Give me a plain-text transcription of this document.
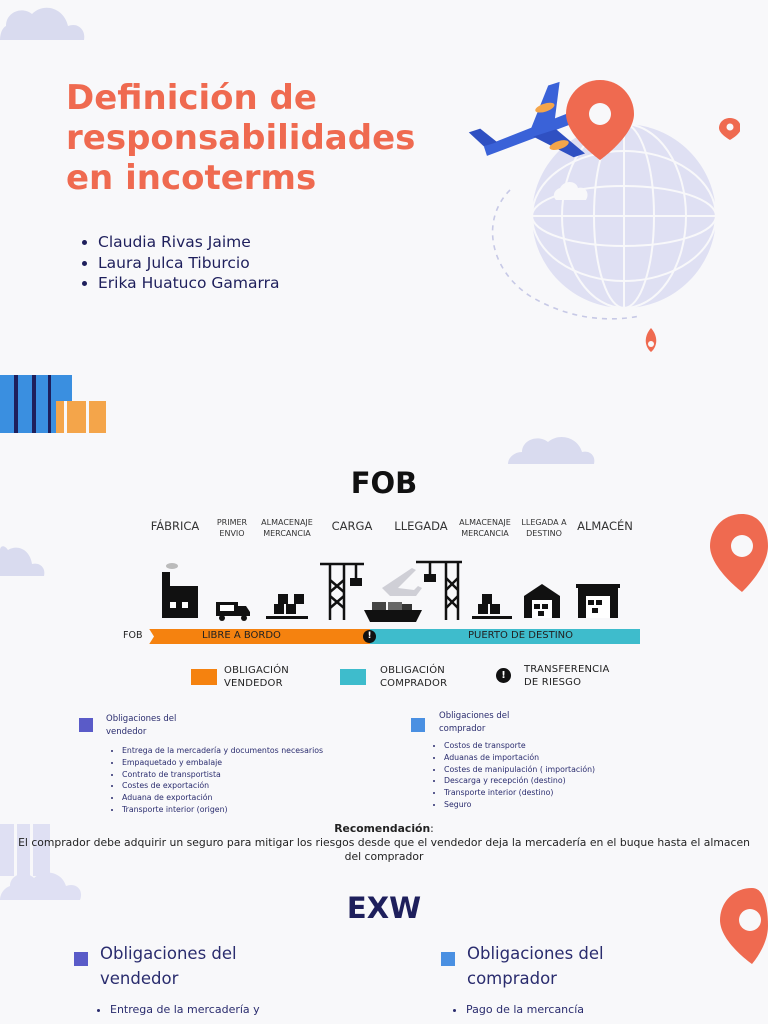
Definición de
responsabilidades
en incoterms
• Claudia Rivas Jaime
• Laura Julca Tiburcio
• Erika Huatuco Gamarra
FOB
FÁBRICA	PRIMER ENVIO
ALMACENAJE MERCANCIA
CARGA	LLEGADA	ALMACENAJE MERCANCIA
LLEGADA A DESTINO
ALMACÉN
FOB	LIBRE A BORDO	PUERTO DE DESTINO
!
OBLIGACIÓN VENDEDOR
OBLIGACIÓN COMPRADOR
!
TRANSFERENCIA DE RIESGO
Obligaciones del vendedor
• Entrega de la mercadería y documentos necesarios
• Empaquetado y embalaje
• Contrato de transportista
• Costes de exportación
• Aduana de exportación
• Transporte interior (origen)
Obligaciones del comprador
• Costos de transporte
• Aduanas de importación
• Costes de manipulación ( importación)
• Descarga y recepción (destino)
• Transporte interior (destino)
• Seguro
Recomendación:
El comprador debe adquirir un seguro para mitigar los riesgos desde que el vendedor deja la mercadería en el buque hasta el almacen del comprador
EXW
Obligaciones del vendedor
• Entrega de la mercadería y
Obligaciones del comprador
• Pago de la mercancía
